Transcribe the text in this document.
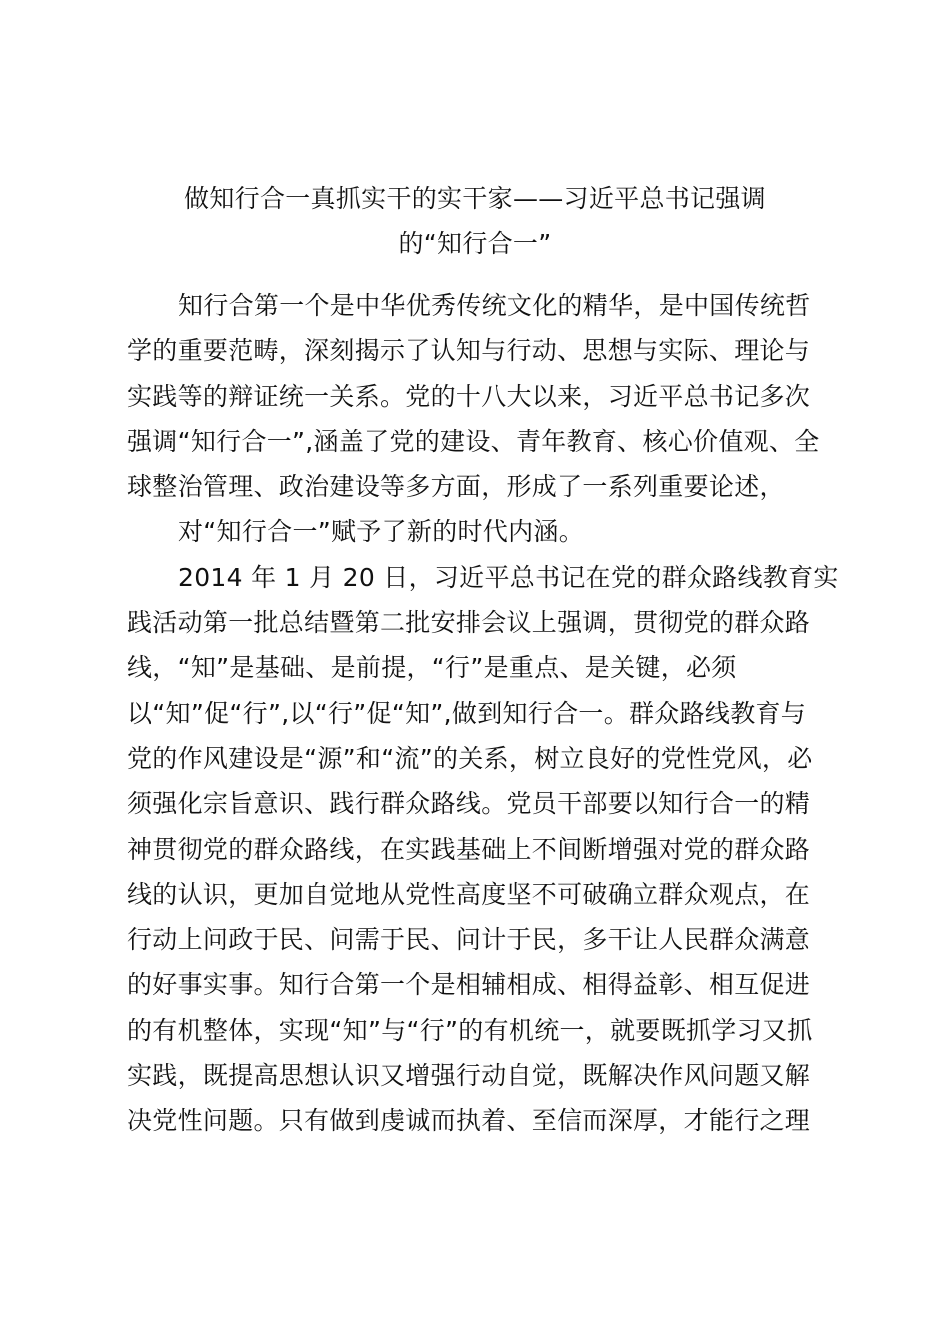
做知行合一真抓实干的实干家——习近平总书记强调
的“知行合一”
知行合第一个是中华优秀传统文化的精华，是中国传统哲
学的重要范畴，深刻揭示了认知与行动、思想与实际、理论与
实践等的辩证统一关系。党的十八大以来，习近平总书记多次
强调“知行合一”,涵盖了党的建设、青年教育、核心价值观、全
球整治管理、政治建设等多方面，形成了一系列重要论述，
对“知行合一”赋予了新的时代内涵。
2014 年 1 月 20 日，习近平总书记在党的群众路线教育实
践活动第一批总结暨第二批安排会议上强调，贯彻党的群众路
线，“知”是基础、是前提，“行”是重点、是关键，必须
以“知”促“行”,以“行”促“知”,做到知行合一。群众路线教育与
党的作风建设是“源”和“流”的关系，树立良好的党性党风，必
须强化宗旨意识、践行群众路线。党员干部要以知行合一的精
神贯彻党的群众路线，在实践基础上不间断增强对党的群众路
线的认识，更加自觉地从党性高度坚不可破确立群众观点，在
行动上问政于民、问需于民、问计于民，多干让人民群众满意
的好事实事。知行合第一个是相辅相成、相得益彰、相互促进
的有机整体，实现“知”与“行”的有机统一，就要既抓学习又抓
实践，既提高思想认识又增强行动自觉，既解决作风问题又解
决党性问题。只有做到虔诚而执着、至信而深厚，才能行之理
